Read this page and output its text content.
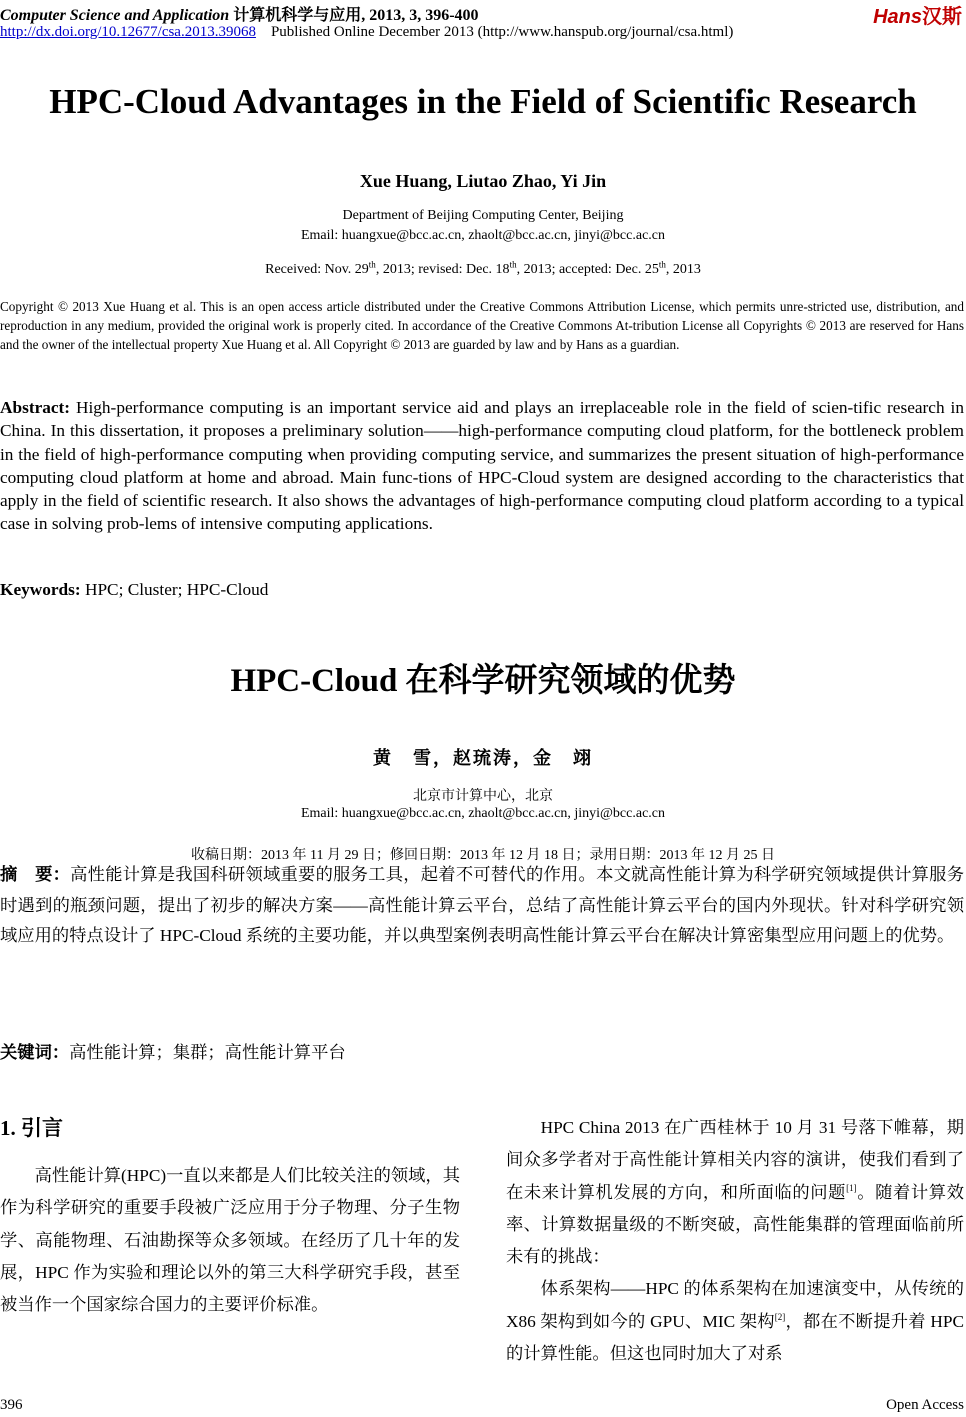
Computer Science and Application 计算机科学与应用, 2013, 3, 396-400
http://dx.doi.org/10.12677/csa.2013.39068 Published Online December 2013 (http://www.hanspub.org/journal/csa.html)
Hans汉斯
HPC-Cloud Advantages in the Field of Scientific Research
Xue Huang, Liutao Zhao, Yi Jin
Department of Beijing Computing Center, Beijing
Email: huangxue@bcc.ac.cn, zhaolt@bcc.ac.cn, jinyi@bcc.ac.cn
Received: Nov. 29th, 2013; revised: Dec. 18th, 2013; accepted: Dec. 25th, 2013
Copyright © 2013 Xue Huang et al. This is an open access article distributed under the Creative Commons Attribution License, which permits unre-stricted use, distribution, and reproduction in any medium, provided the original work is properly cited. In accordance of the Creative Commons At-tribution License all Copyrights © 2013 are reserved for Hans and the owner of the intellectual property Xue Huang et al. All Copyright © 2013 are guarded by law and by Hans as a guardian.
Abstract: High-performance computing is an important service aid and plays an irreplaceable role in the field of scien-tific research in China. In this dissertation, it proposes a preliminary solution——high-performance computing cloud platform, for the bottleneck problem in the field of high-performance computing when providing computing service, and summarizes the present situation of high-performance computing cloud platform at home and abroad. Main func-tions of HPC-Cloud system are designed according to the characteristics that apply in the field of scientific research. It also shows the advantages of high-performance computing cloud platform according to a typical case in solving prob-lems of intensive computing applications.
Keywords: HPC; Cluster; HPC-Cloud
HPC-Cloud 在科学研究领域的优势
黄　雪，赵琉涛，金　翊
北京市计算中心，北京
Email: huangxue@bcc.ac.cn, zhaolt@bcc.ac.cn, jinyi@bcc.ac.cn
收稿日期：2013 年 11 月 29 日；修回日期：2013 年 12 月 18 日；录用日期：2013 年 12 月 25 日
摘　要：高性能计算是我国科研领域重要的服务工具，起着不可替代的作用。本文就高性能计算为科学研究领域提供计算服务时遇到的瓶颈问题，提出了初步的解决方案——高性能计算云平台，总结了高性能计算云平台的国内外现状。针对科学研究领域应用的特点设计了 HPC-Cloud 系统的主要功能，并以典型案例表明高性能计算云平台在解决计算密集型应用问题上的优势。
关键词：高性能计算；集群；高性能计算平台
1. 引言

高性能计算(HPC)一直以来都是人们比较关注的领域，其作为科学研究的重要手段被广泛应用于分子物理、分子生物学、高能物理、石油勘探等众多领域。在经历了几十年的发展，HPC 作为实验和理论以外的第三大科学研究手段，甚至被当作一个国家综合国力的主要评价标准。

HPC China 2013 在广西桂林于 10 月 31 号落下帷幕，期间众多学者对于高性能计算相关内容的演讲，使我们看到了在未来计算机发展的方向，和所面临的问题[1]。随着计算效率、计算数据量级的不断突破，高性能集群的管理面临前所未有的挑战：

体系架构——HPC 的体系架构在加速演变中，从传统的 X86 架构到如今的 GPU、MIC 架构[2]，都在不断提升着 HPC 的计算性能。但这也同时加大了对系

396	Open Access
